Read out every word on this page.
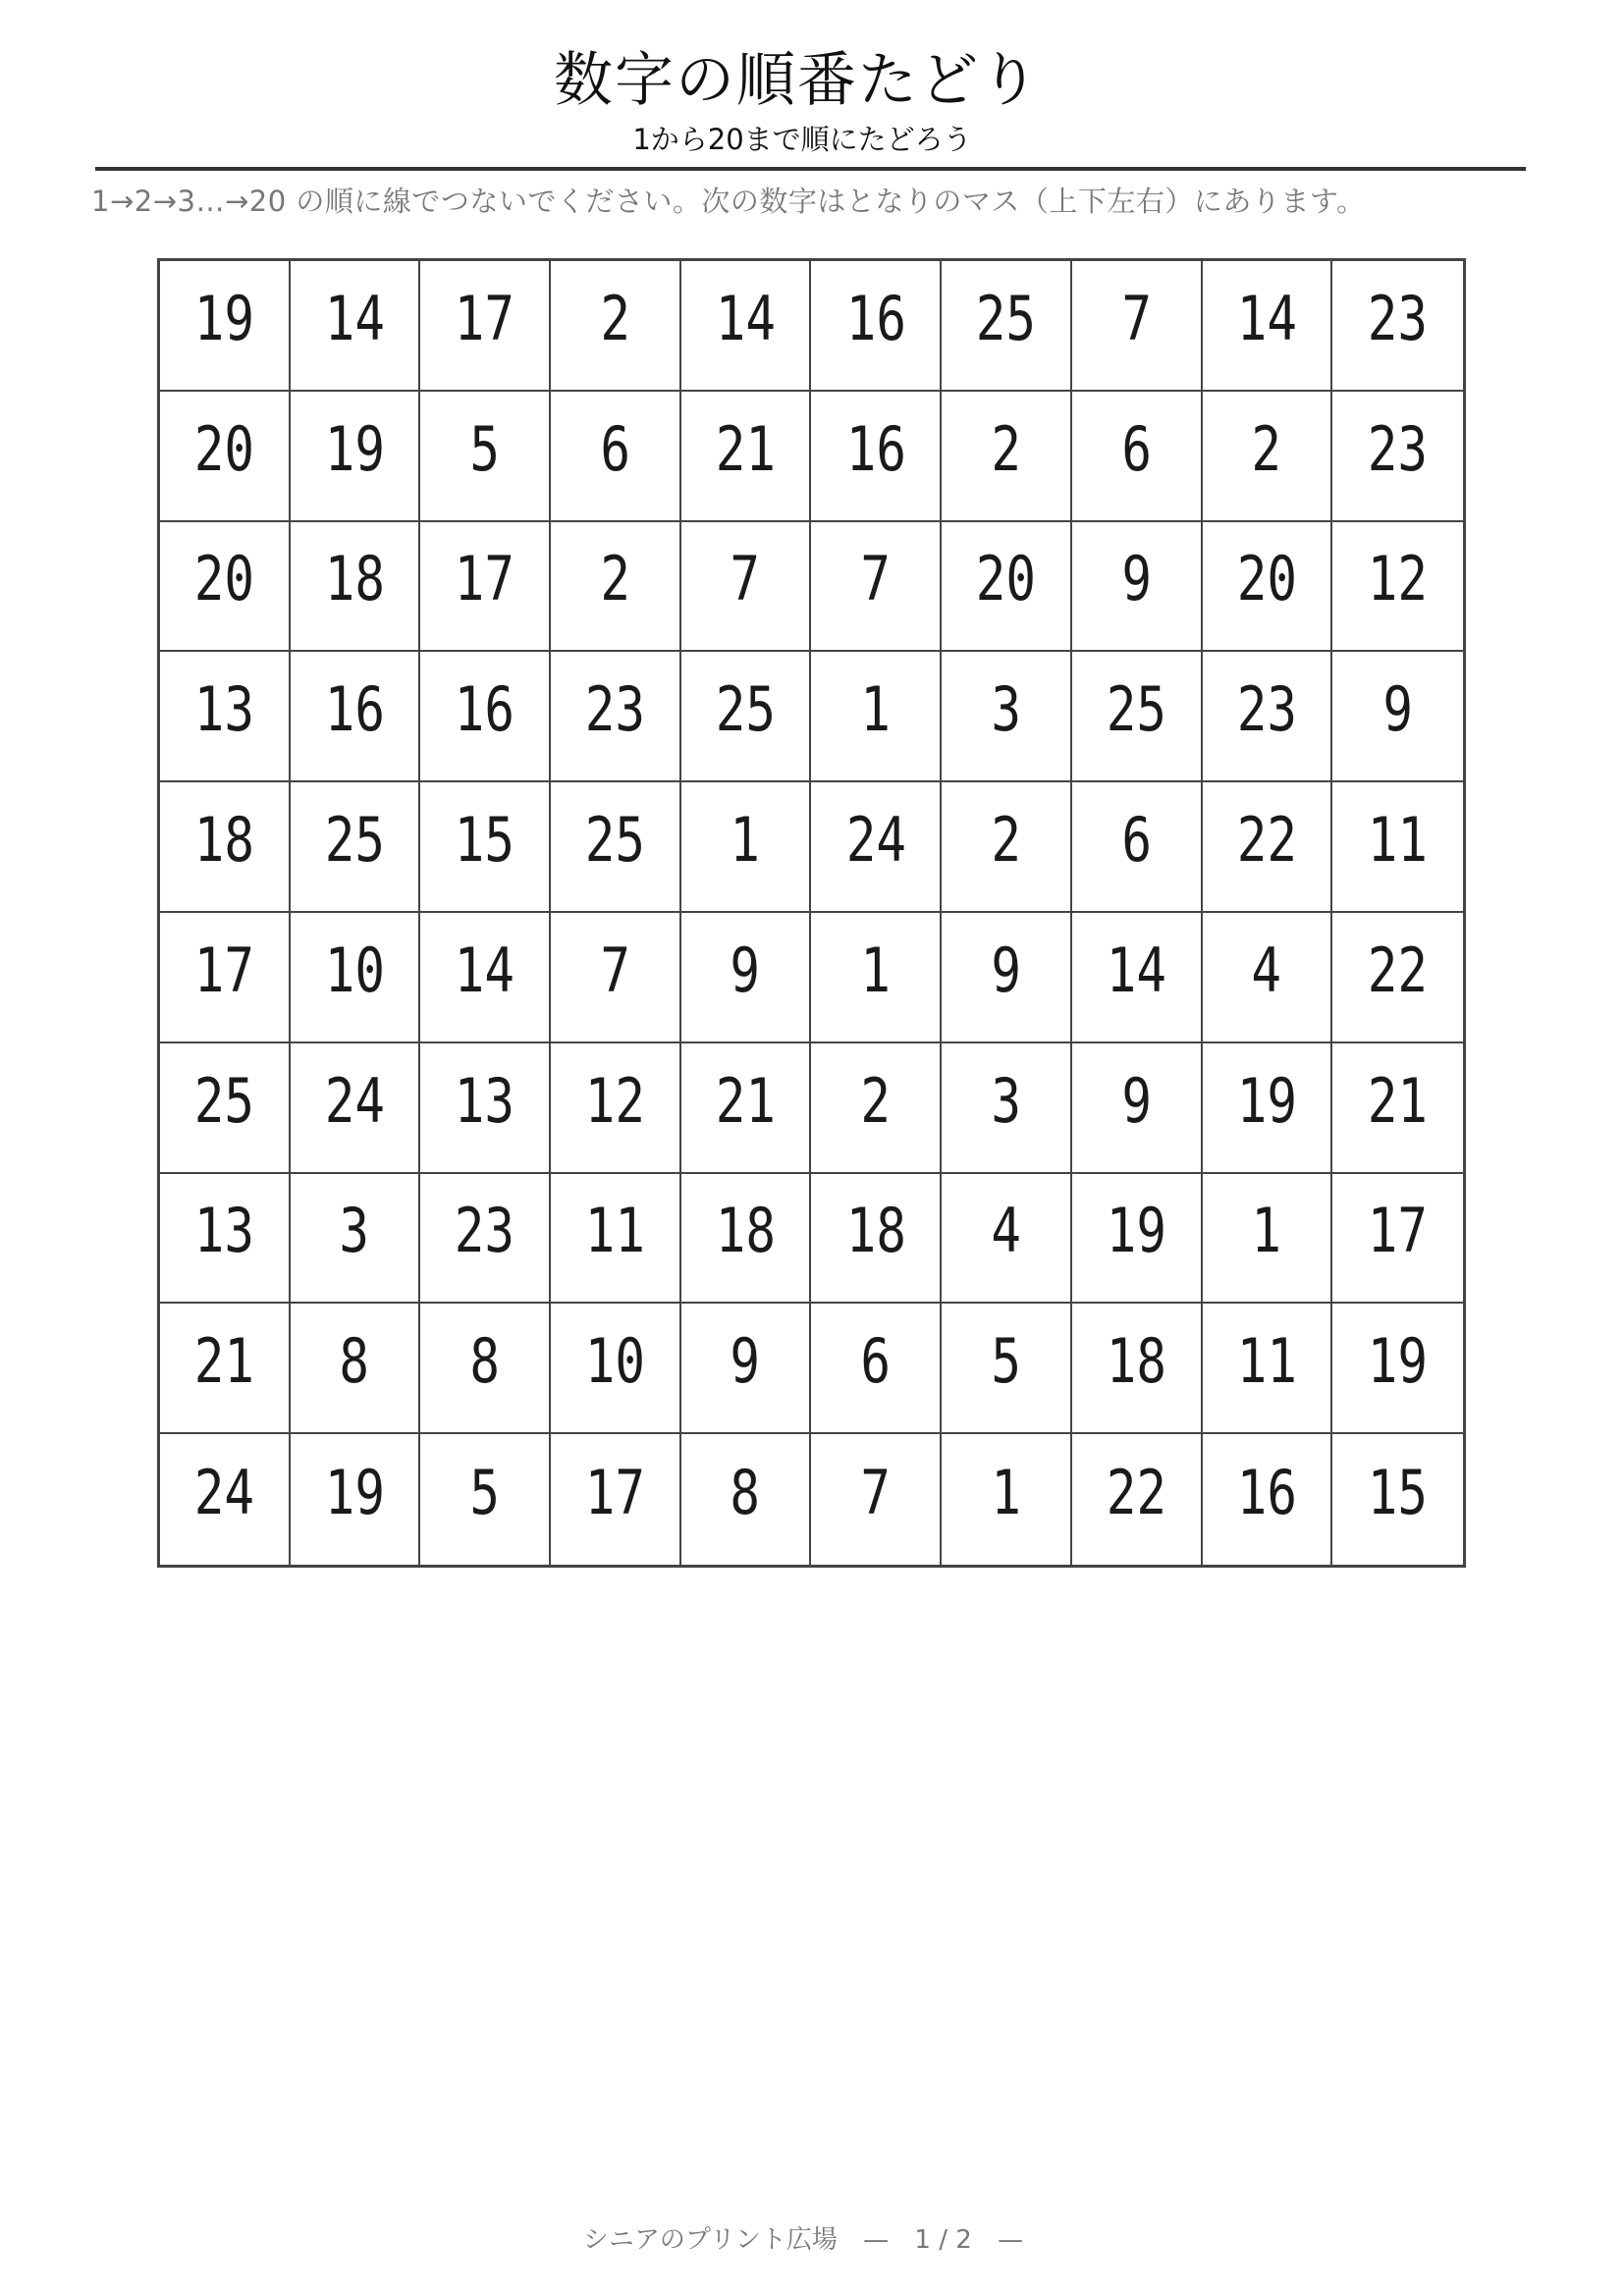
数字の順番たどり
1から20まで順にたどろう
1→2→3…→20 の順に線でつないでください。次の数字はとなりのマス（上下左右）にあります。
19 14 17 2 14 16 25 7 14 23
20 19 5 6 21 16 2 6 2 23
20 18 17 2 7 7 20 9 20 12
13 16 16 23 25 1 3 25 23 9
18 25 15 25 1 24 2 6 22 11
17 10 14 7 9 1 9 14 4 22
25 24 13 12 21 2 3 9 19 21
13 3 23 11 18 18 4 19 1 17
21 8 8 10 9 6 5 18 11 19
24 19 5 17 8 7 1 22 16 15
シニアのプリント広場 — 1 / 2 —
